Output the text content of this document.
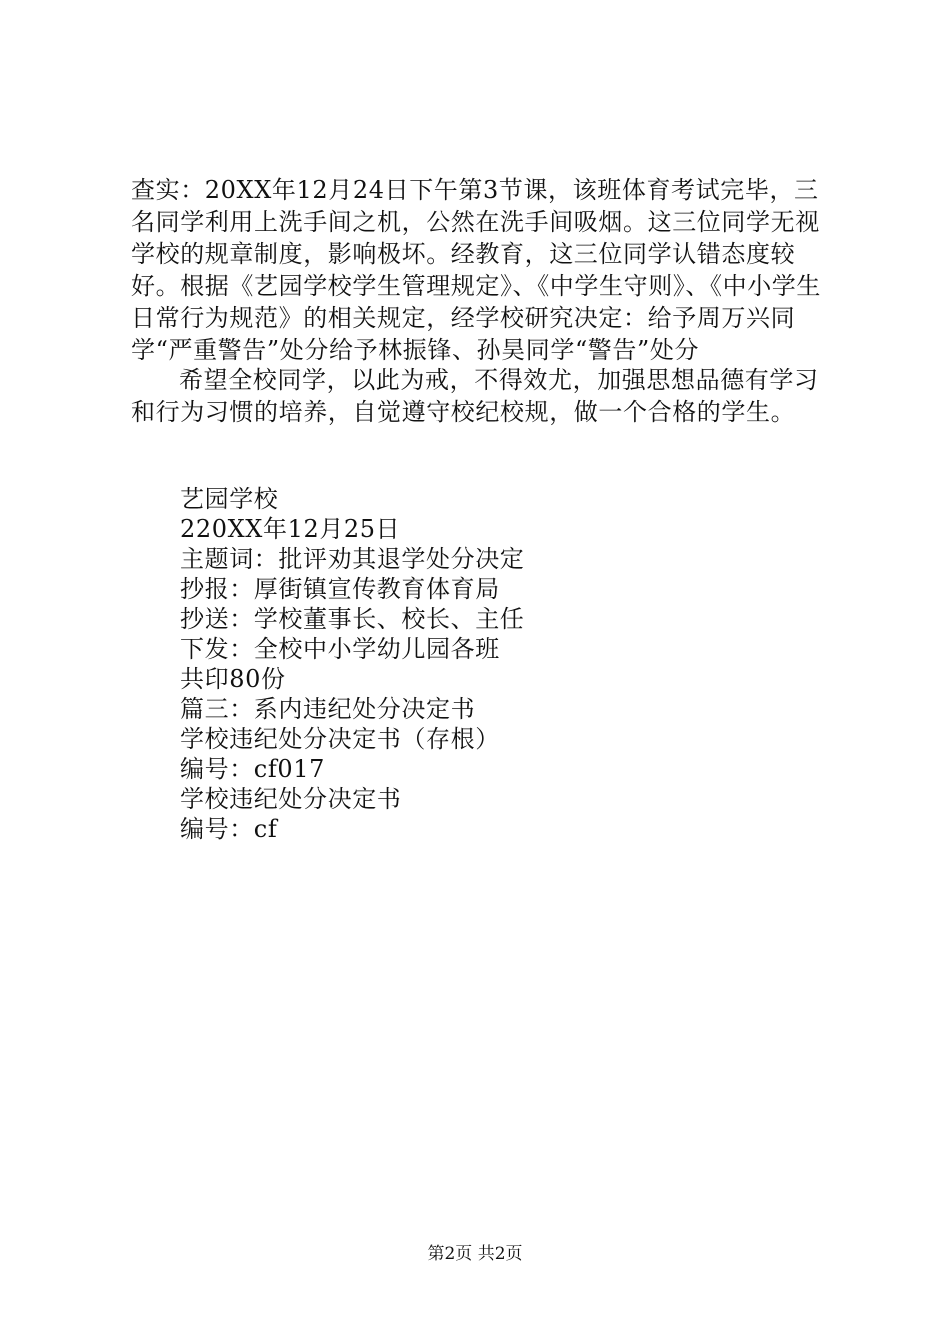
查实：20XX年12月24日下午第3节课，该班体育考试完毕，三名同学利用上洗手间之机，公然在洗手间吸烟。这三位同学无视学校的规章制度，影响极坏。经教育，这三位同学认错态度较好。根据《艺园学校学生管理规定》、《中学生守则》、《中小学生日常行为规范》的相关规定，经学校研究决定：给予周万兴同学“严重警告”处分给予林振锋、孙昊同学“警告”处分

希望全校同学，以此为戒，不得效尤，加强思想品德有学习和行为习惯的培养，自觉遵守校纪校规，做一个合格的学生。

艺园学校
220XX年12月25日
主题词：批评劝其退学处分决定
抄报：厚街镇宣传教育体育局
抄送：学校董事长、校长、主任
下发：全校中小学幼儿园各班
共印80份
篇三：系内违纪处分决定书
学校违纪处分决定书（存根）
编号：cf017
学校违纪处分决定书
编号：cf
第2页 共2页
